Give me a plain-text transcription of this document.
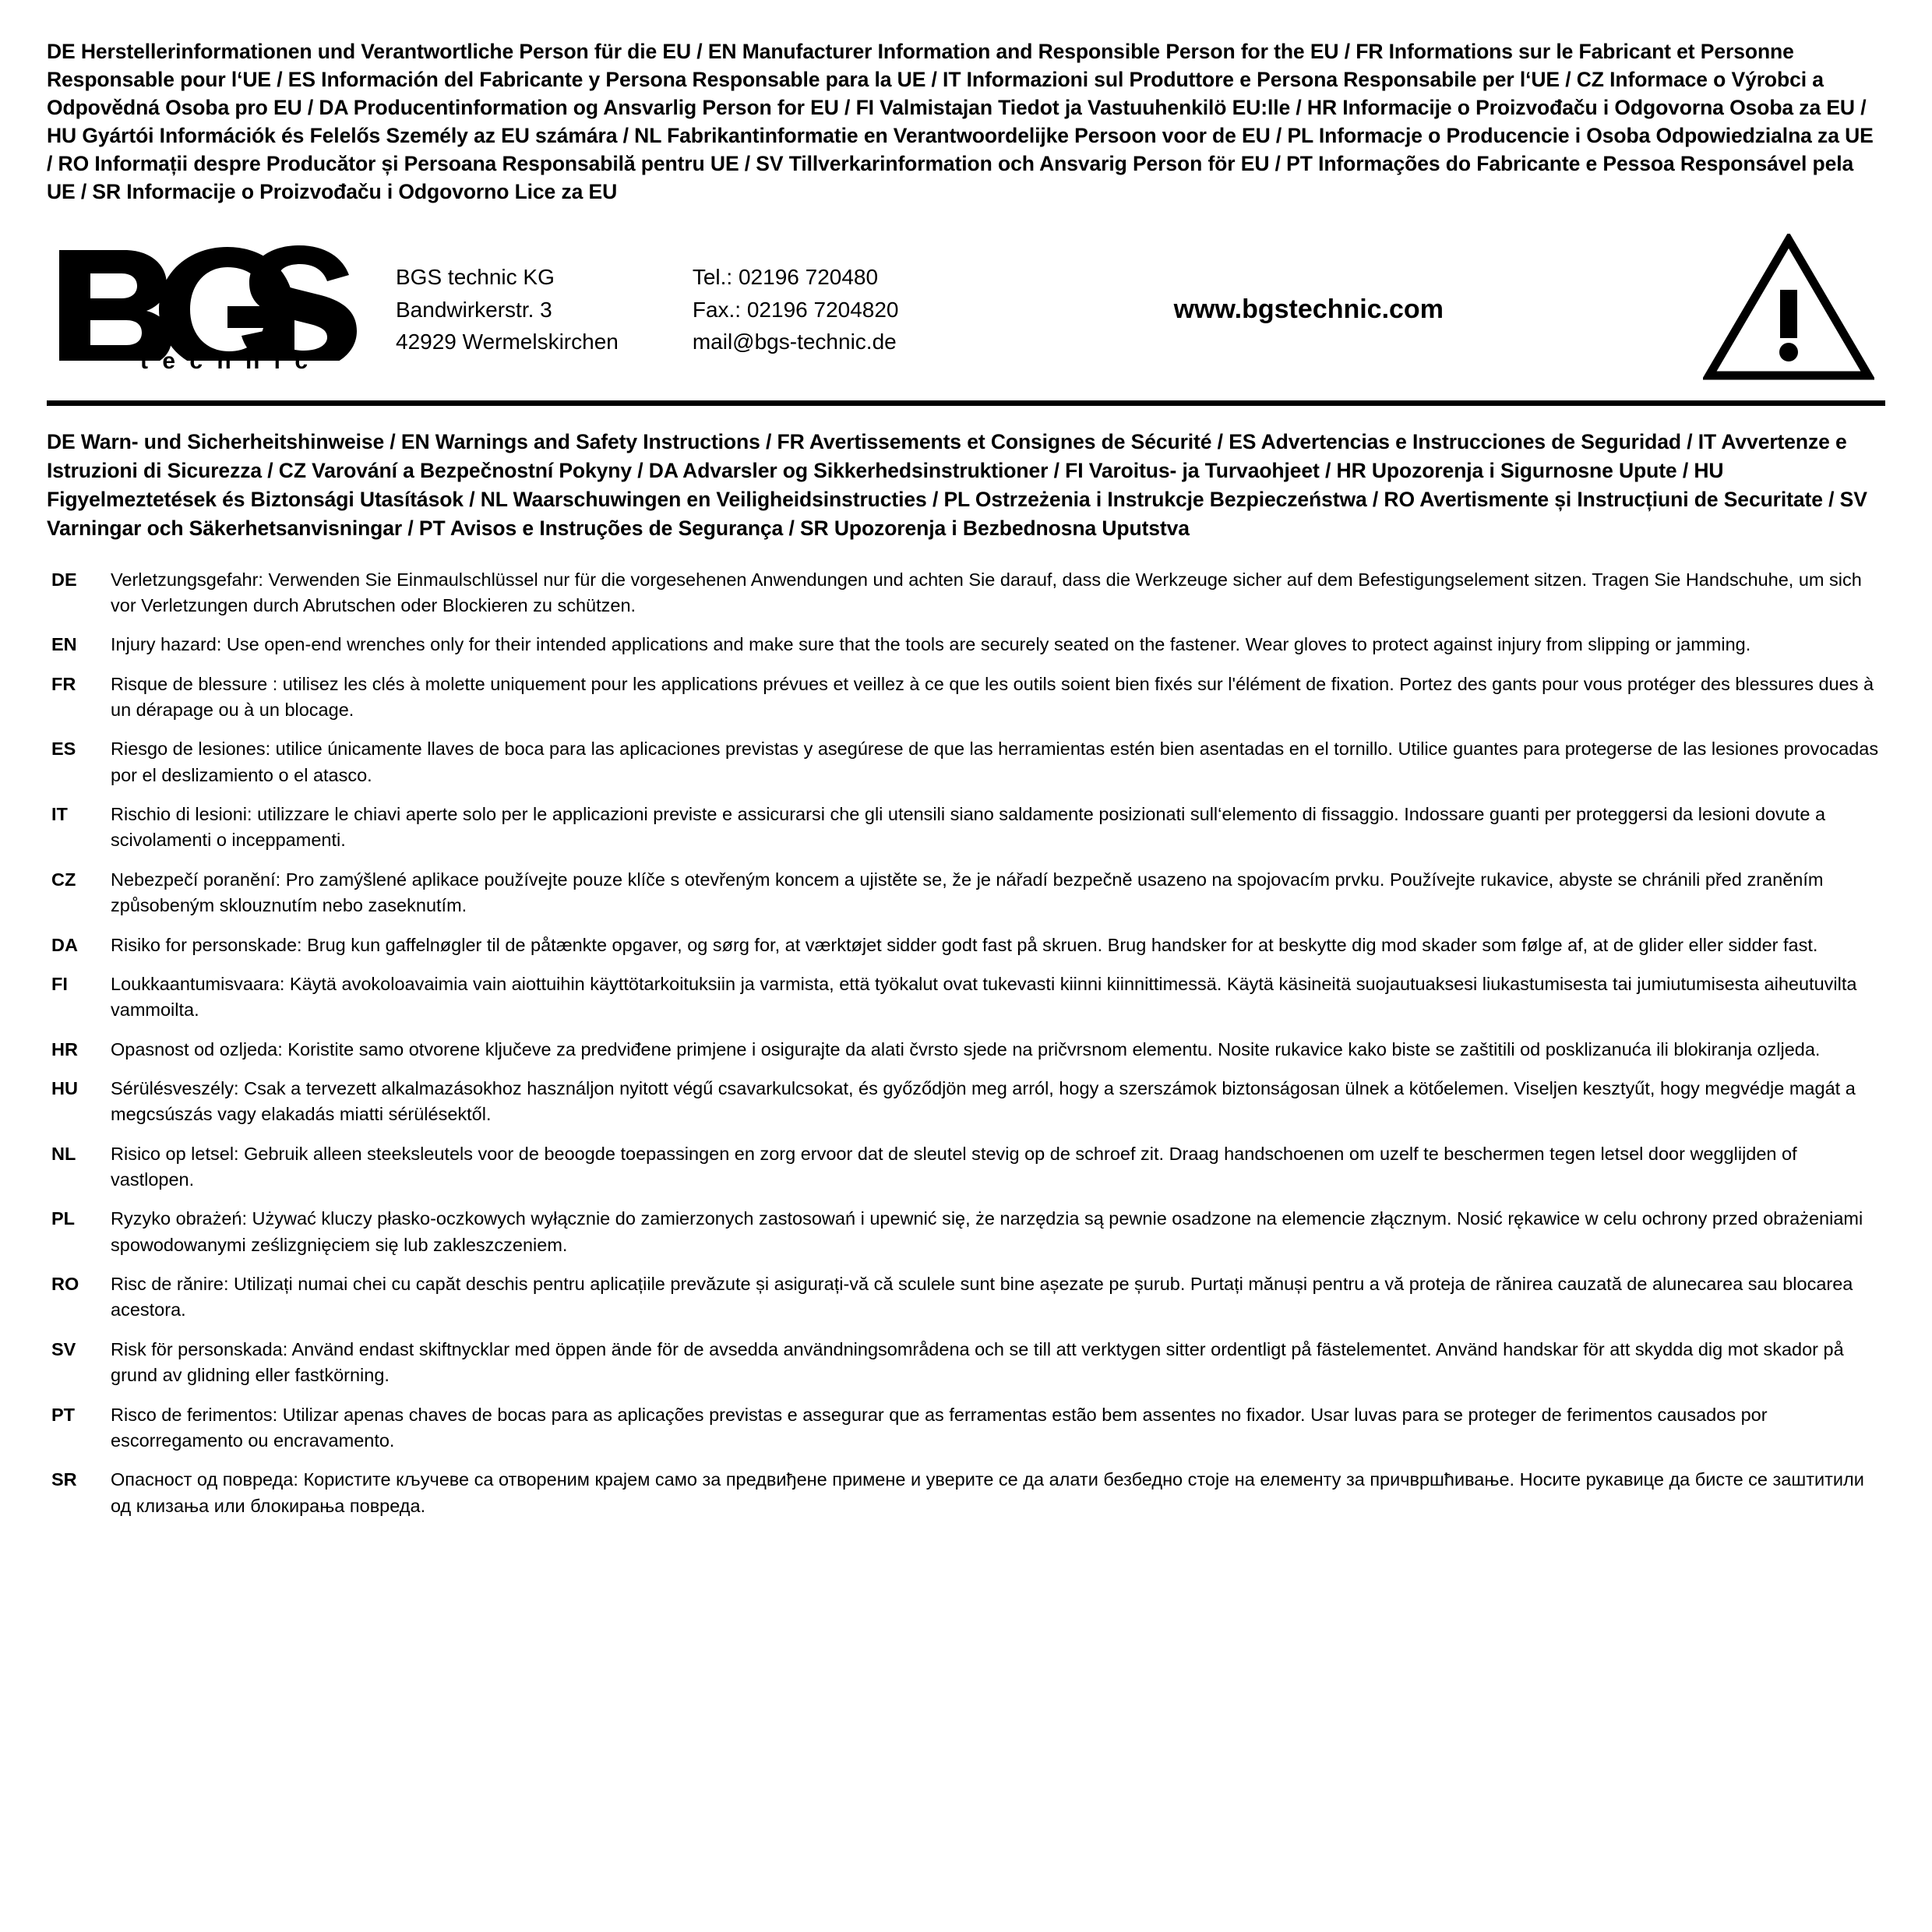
DE Herstellerinformationen und Verantwortliche Person für die EU / EN Manufacturer Information and Responsible Person for the EU / FR Informations sur le Fabricant et Personne Responsable pour l‘UE / ES Información del Fabricante y Persona Responsable para la UE / IT Informazioni sul Produttore e Persona Responsabile per l‘UE / CZ Informace o Výrobci a Odpovědná Osoba pro EU / DA Producentinformation og Ansvarlig Person for EU / FI Valmistajan Tiedot ja Vastuuhenkilö EU:lle / HR Informacije o Proizvođaču i Odgovorna Osoba za EU / HU Gyártói Információk és Felelős Személy az EU számára / NL Fabrikantinformatie en Verantwoordelijke Persoon voor de EU / PL Informacje o Producencie i Osoba Odpowiedzialna za UE / RO Informații despre Producător și Persoana Responsabilă pentru UE / SV Tillverkarinformation och Ansvarig Person för EU / PT Informações do Fabricante e Pessoa Responsável pela UE / SR Informacije o Proizvođaču i Odgovorno Lice za EU
t e c h n i c
BGS technic KG
Bandwirkerstr. 3
42929 Wermelskirchen
Tel.: 02196 720480
Fax.: 02196 7204820
mail@bgs-technic.de
www.bgstechnic.com
DE Warn- und Sicherheitshinweise / EN Warnings and Safety Instructions / FR Avertissements et Consignes de Sécurité / ES Advertencias e Instrucciones de Seguridad / IT Avvertenze e Istruzioni di Sicurezza / CZ Varování a Bezpečnostní Pokyny / DA Advarsler og Sikkerhedsinstruktioner / FI Varoitus- ja Turvaohjeet / HR Upozorenja i Sigurnosne Upute / HU Figyelmeztetések és Biztonsági Utasítások / NL Waarschuwingen en Veiligheidsinstructies / PL Ostrzeżenia i Instrukcje Bezpieczeństwa / RO Avertismente și Instrucțiuni de Securitate / SV Varningar och Säkerhetsanvisningar / PT Avisos e Instruções de Segurança / SR Upozorenja i Bezbednosna Uputstva
DE	Verletzungsgefahr: Verwenden Sie Einmaulschlüssel nur für die vorgesehenen Anwendungen und achten Sie darauf, dass die Werkzeuge sicher auf dem Befestigungselement sitzen. Tragen Sie Handschuhe, um sich vor Verletzungen durch Abrutschen oder Blockieren zu schützen.
EN	Injury hazard: Use open-end wrenches only for their intended applications and make sure that the tools are securely seated on the fastener. Wear gloves to protect against injury from slipping or jamming.
FR	Risque de blessure : utilisez les clés à molette uniquement pour les applications prévues et veillez à ce que les outils soient bien fixés sur l'élément de fixation. Portez des gants pour vous protéger des blessures dues à un dérapage ou à un blocage.
ES	Riesgo de lesiones: utilice únicamente llaves de boca para las aplicaciones previstas y asegúrese de que las herramientas estén bien asentadas en el tornillo. Utilice guantes para protegerse de las lesiones provocadas por el deslizamiento o el atasco.
IT	Rischio di lesioni: utilizzare le chiavi aperte solo per le applicazioni previste e assicurarsi che gli utensili siano saldamente posizionati sull‘elemento di fissaggio. Indossare guanti per proteggersi da lesioni dovute a scivolamenti o inceppamenti.
CZ	Nebezpečí poranění: Pro zamýšlené aplikace používejte pouze klíče s otevřeným koncem a ujistěte se, že je nářadí bezpečně usazeno na spojovacím prvku. Používejte rukavice, abyste se chránili před zraněním způsobeným sklouznutím nebo zaseknutím.
DA	Risiko for personskade: Brug kun gaffelnøgler til de påtænkte opgaver, og sørg for, at værktøjet sidder godt fast på skruen. Brug handsker for at beskytte dig mod skader som følge af, at de glider eller sidder fast.
FI	Loukkaantumisvaara: Käytä avokoloavaimia vain aiottuihin käyttötarkoituksiin ja varmista, että työkalut ovat tukevasti kiinni kiinnittimessä. Käytä käsineitä suojautuaksesi liukastumisesta tai jumiutumisesta aiheutuvilta vammoilta.
HR	Opasnost od ozljeda: Koristite samo otvorene ključeve za predviđene primjene i osigurajte da alati čvrsto sjede na pričvrsnom elementu. Nosite rukavice kako biste se zaštitili od posklizanuća ili blokiranja ozljeda.
HU	Sérülésveszély: Csak a tervezett alkalmazásokhoz használjon nyitott végű csavarkulcsokat, és győződjön meg arról, hogy a szerszámok biztonságosan ülnek a kötőelemen. Viseljen kesztyűt, hogy megvédje magát a megcsúszás vagy elakadás miatti sérülésektől.
NL	Risico op letsel: Gebruik alleen steeksleutels voor de beoogde toepassingen en zorg ervoor dat de sleutel stevig op de schroef zit. Draag handschoenen om uzelf te beschermen tegen letsel door wegglijden of vastlopen.
PL	Ryzyko obrażeń: Używać kluczy płasko-oczkowych wyłącznie do zamierzonych zastosowań i upewnić się, że narzędzia są pewnie osadzone na elemencie złącznym. Nosić rękawice w celu ochrony przed obrażeniami spowodowanymi ześlizgnięciem się lub zakleszczeniem.
RO	Risc de rănire: Utilizați numai chei cu capăt deschis pentru aplicațiile prevăzute și asigurați-vă că sculele sunt bine așezate pe șurub. Purtați mănuși pentru a vă proteja de rănirea cauzată de alunecarea sau blocarea acestora.
SV	Risk för personskada: Använd endast skiftnycklar med öppen ände för de avsedda användningsområdena och se till att verktygen sitter ordentligt på fästelementet. Använd handskar för att skydda dig mot skador på grund av glidning eller fastkörning.
PT	Risco de ferimentos: Utilizar apenas chaves de bocas para as aplicações previstas e assegurar que as ferramentas estão bem assentes no fixador. Usar luvas para se proteger de ferimentos causados por escorregamento ou encravamento.
SR	Опасност од повреда: Користите кључеве са отвореним крајем само за предвиђене примене и уверите се да алати безбедно стоје на елементу за причвршћивање. Носите рукавице да бисте се заштитили од клизања или блокирања повреда.
